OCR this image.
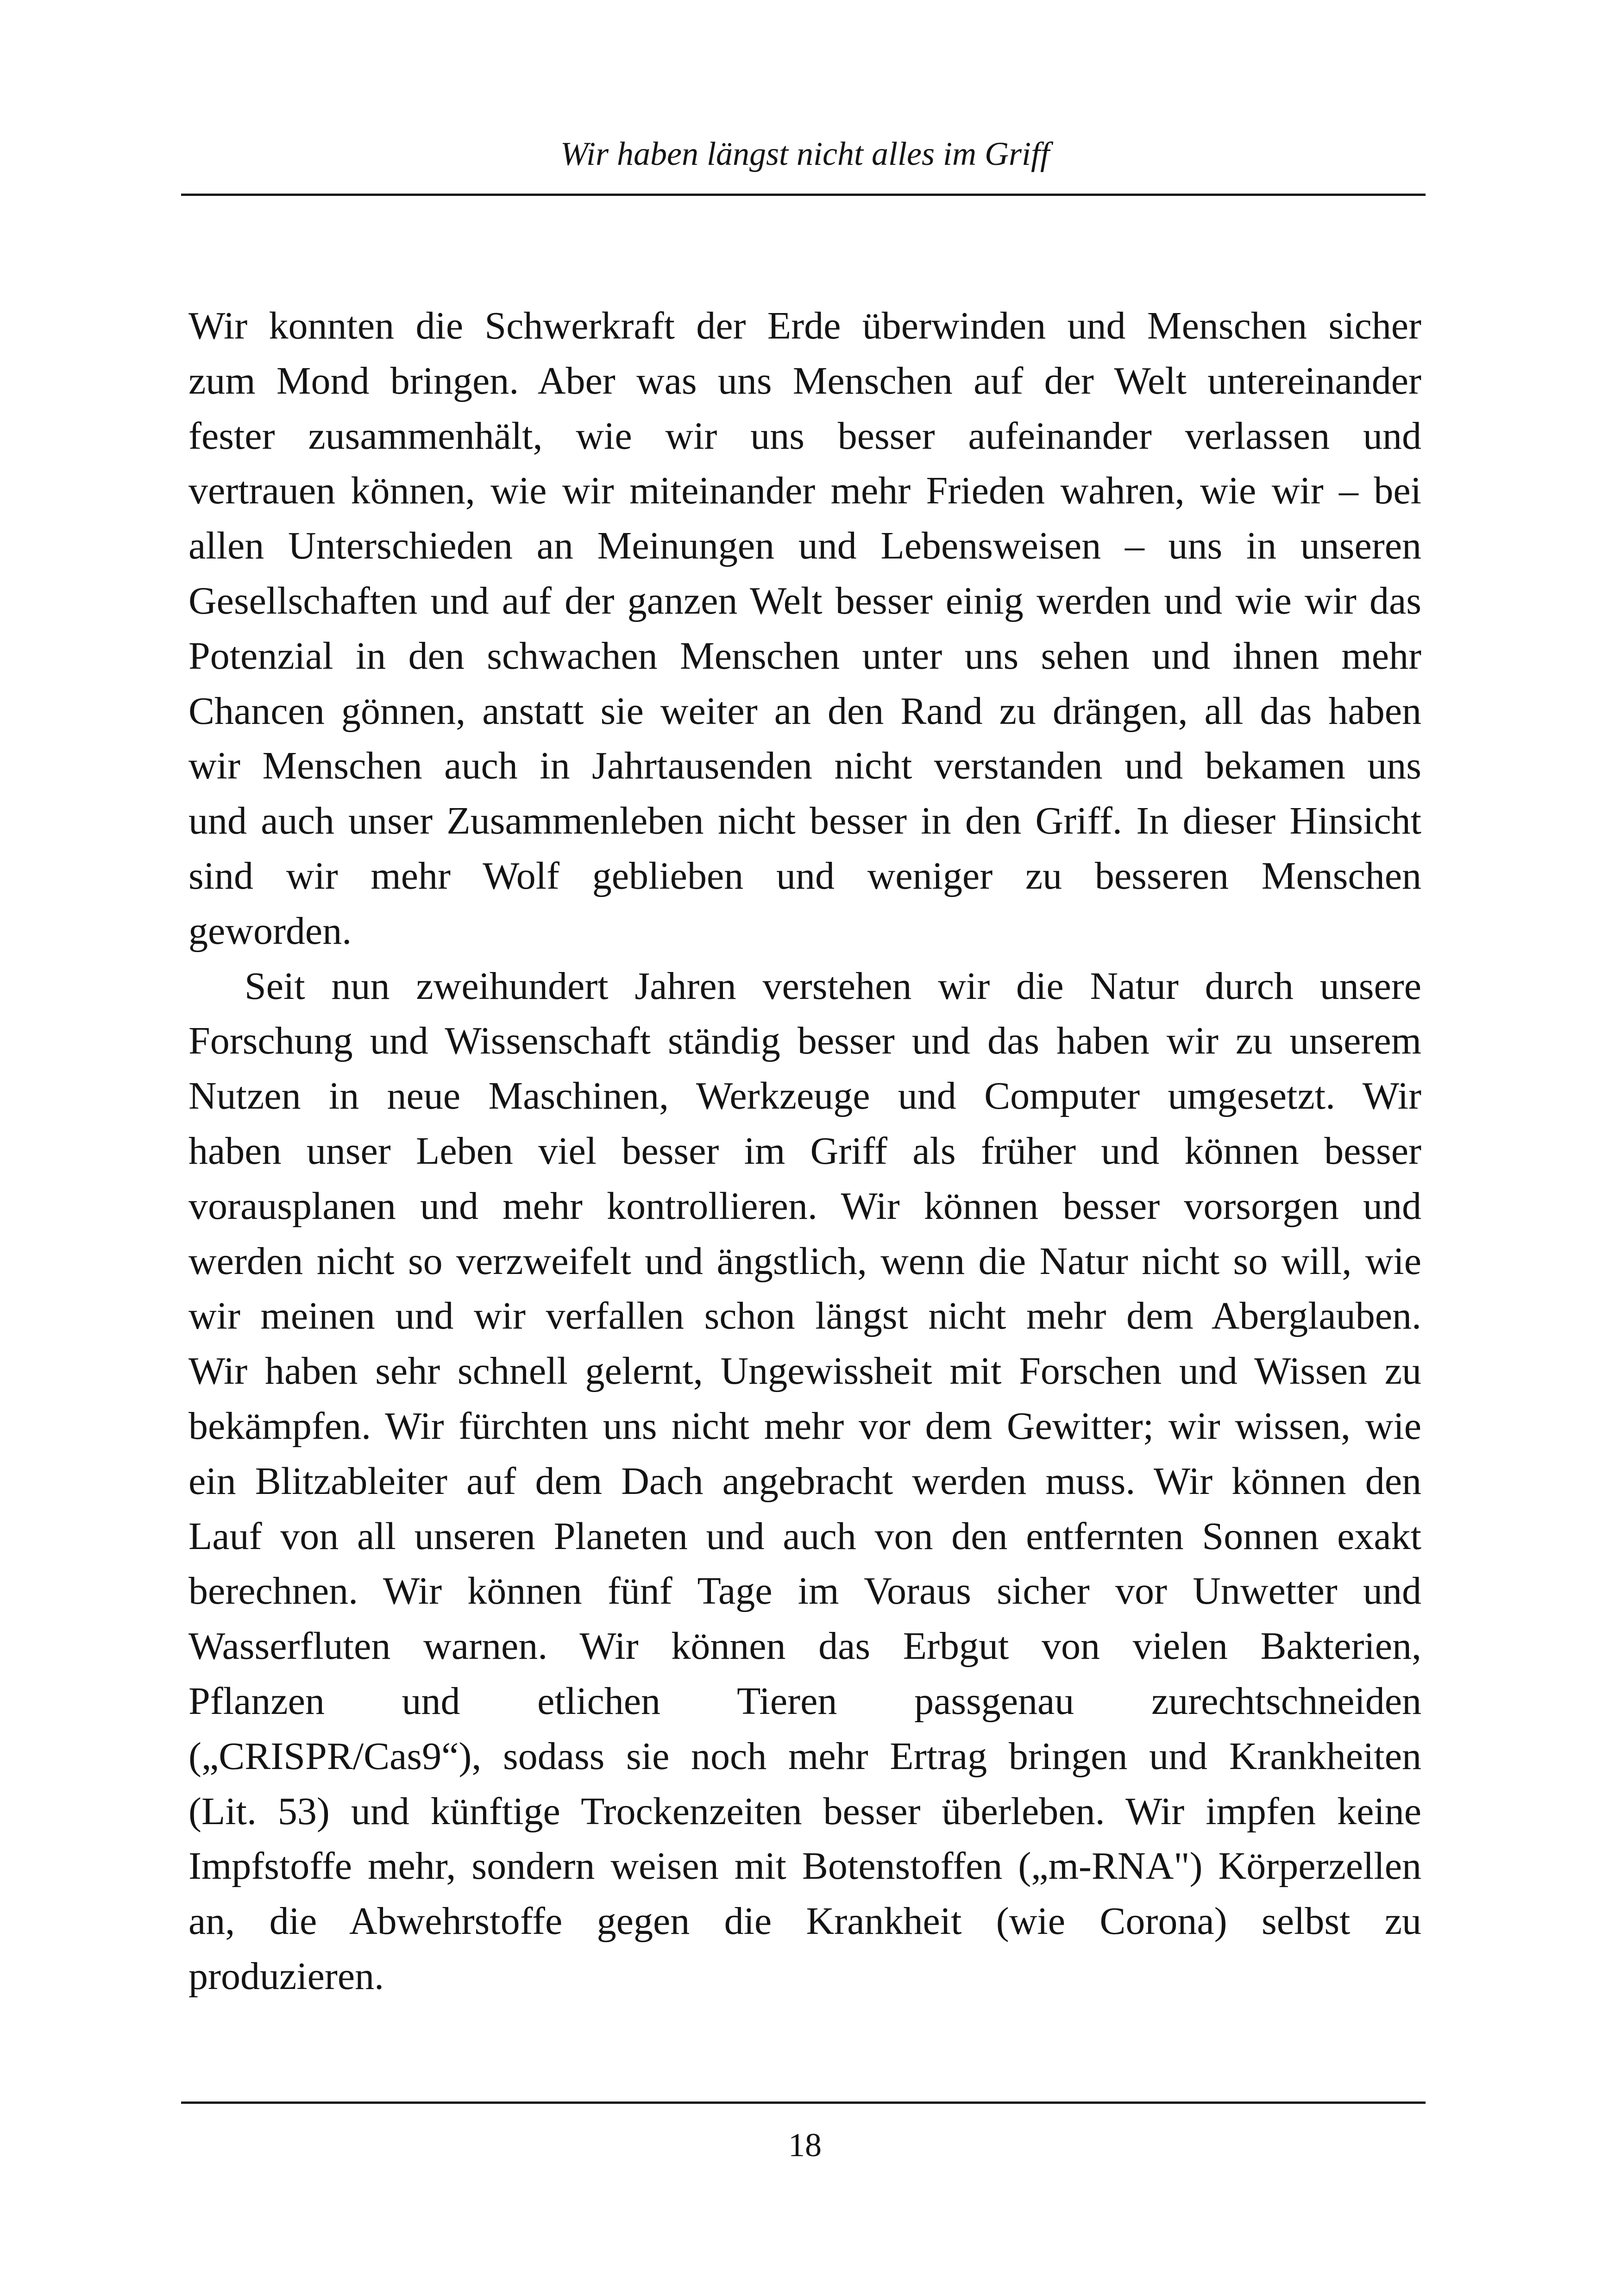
Wir haben längst nicht alles im Griff
Wir konnten die Schwerkraft der Erde überwinden und Menschen sicher
zum Mond bringen. Aber was uns Menschen auf der Welt untereinander
fester zusammenhält, wie wir uns besser aufeinander verlassen und
vertrauen können, wie wir miteinander mehr Frieden wahren, wie wir – bei
allen Unterschieden an Meinungen und Lebensweisen – uns in unseren
Gesellschaften und auf der ganzen Welt besser einig werden und wie wir das
Potenzial in den schwachen Menschen unter uns sehen und ihnen mehr
Chancen gönnen, anstatt sie weiter an den Rand zu drängen, all das haben
wir Menschen auch in Jahrtausenden nicht verstanden und bekamen uns
und auch unser Zusammenleben nicht besser in den Griff. In dieser Hinsicht
sind wir mehr Wolf geblieben und weniger zu besseren Menschen
geworden.
Seit nun zweihundert Jahren verstehen wir die Natur durch unsere
Forschung und Wissenschaft ständig besser und das haben wir zu unserem
Nutzen in neue Maschinen, Werkzeuge und Computer umgesetzt. Wir
haben unser Leben viel besser im Griff als früher und können besser
vorausplanen und mehr kontrollieren. Wir können besser vorsorgen und
werden nicht so verzweifelt und ängstlich, wenn die Natur nicht so will, wie
wir meinen und wir verfallen schon längst nicht mehr dem Aberglauben.
Wir haben sehr schnell gelernt, Ungewissheit mit Forschen und Wissen zu
bekämpfen. Wir fürchten uns nicht mehr vor dem Gewitter; wir wissen, wie
ein Blitzableiter auf dem Dach angebracht werden muss. Wir können den
Lauf von all unseren Planeten und auch von den entfernten Sonnen exakt
berechnen. Wir können fünf Tage im Voraus sicher vor Unwetter und
Wasserfluten warnen. Wir können das Erbgut von vielen Bakterien,
Pflanzen und etlichen Tieren passgenau zurechtschneiden
(„CRISPR/Cas9“), sodass sie noch mehr Ertrag bringen und Krankheiten
(Lit. 53) und künftige Trockenzeiten besser überleben. Wir impfen keine
Impfstoffe mehr, sondern weisen mit Botenstoffen („m-RNA") Körperzellen
an, die Abwehrstoffe gegen die Krankheit (wie Corona) selbst zu
produzieren.
18
